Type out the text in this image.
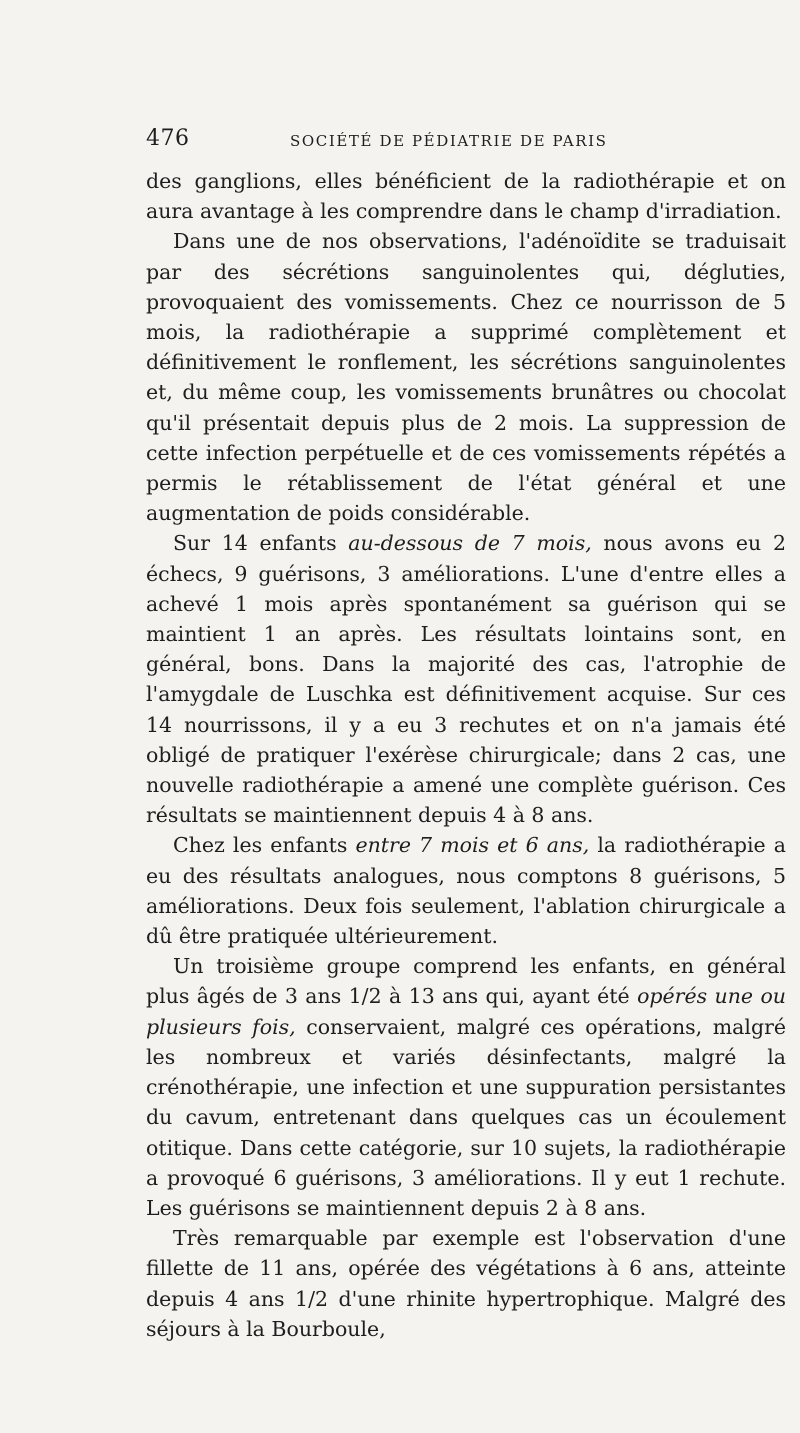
476	SOCIÉTÉ DE PÉDIATRIE DE PARIS

des ganglions, elles bénéficient de la radiothérapie et on aura avantage à les comprendre dans le champ d'irradiation.

Dans une de nos observations, l'adénoïdite se traduisait par des sécrétions sanguinolentes qui, dégluties, provoquaient des vomissements. Chez ce nourrisson de 5 mois, la radiothérapie a supprimé complètement et définitivement le ronflement, les sécrétions sanguinolentes et, du même coup, les vomissements brunâtres ou chocolat qu'il présentait depuis plus de 2 mois. La suppression de cette infection perpétuelle et de ces vomissements répétés a permis le rétablissement de l'état général et une augmentation de poids considérable.

Sur 14 enfants au-dessous de 7 mois, nous avons eu 2 échecs, 9 guérisons, 3 améliorations. L'une d'entre elles a achevé 1 mois après spontanément sa guérison qui se maintient 1 an après. Les résultats lointains sont, en général, bons. Dans la majorité des cas, l'atrophie de l'amygdale de Luschka est définitivement acquise. Sur ces 14 nourrissons, il y a eu 3 rechutes et on n'a jamais été obligé de pratiquer l'exérèse chirurgicale; dans 2 cas, une nouvelle radiothérapie a amené une complète guérison. Ces résultats se maintiennent depuis 4 à 8 ans.

Chez les enfants entre 7 mois et 6 ans, la radiothérapie a eu des résultats analogues, nous comptons 8 guérisons, 5 améliorations. Deux fois seulement, l'ablation chirurgicale a dû être pratiquée ultérieurement.

Un troisième groupe comprend les enfants, en général plus âgés de 3 ans 1/2 à 13 ans qui, ayant été opérés une ou plusieurs fois, conservaient, malgré ces opérations, malgré les nombreux et variés désinfectants, malgré la crénothérapie, une infection et une suppuration persistantes du cavum, entretenant dans quelques cas un écoulement otitique. Dans cette catégorie, sur 10 sujets, la radiothérapie a provoqué 6 guérisons, 3 améliorations. Il y eut 1 rechute. Les guérisons se maintiennent depuis 2 à 8 ans.

Très remarquable par exemple est l'observation d'une fillette de 11 ans, opérée des végétations à 6 ans, atteinte depuis 4 ans 1/2 d'une rhinite hypertrophique. Malgré des séjours à la Bourboule,
